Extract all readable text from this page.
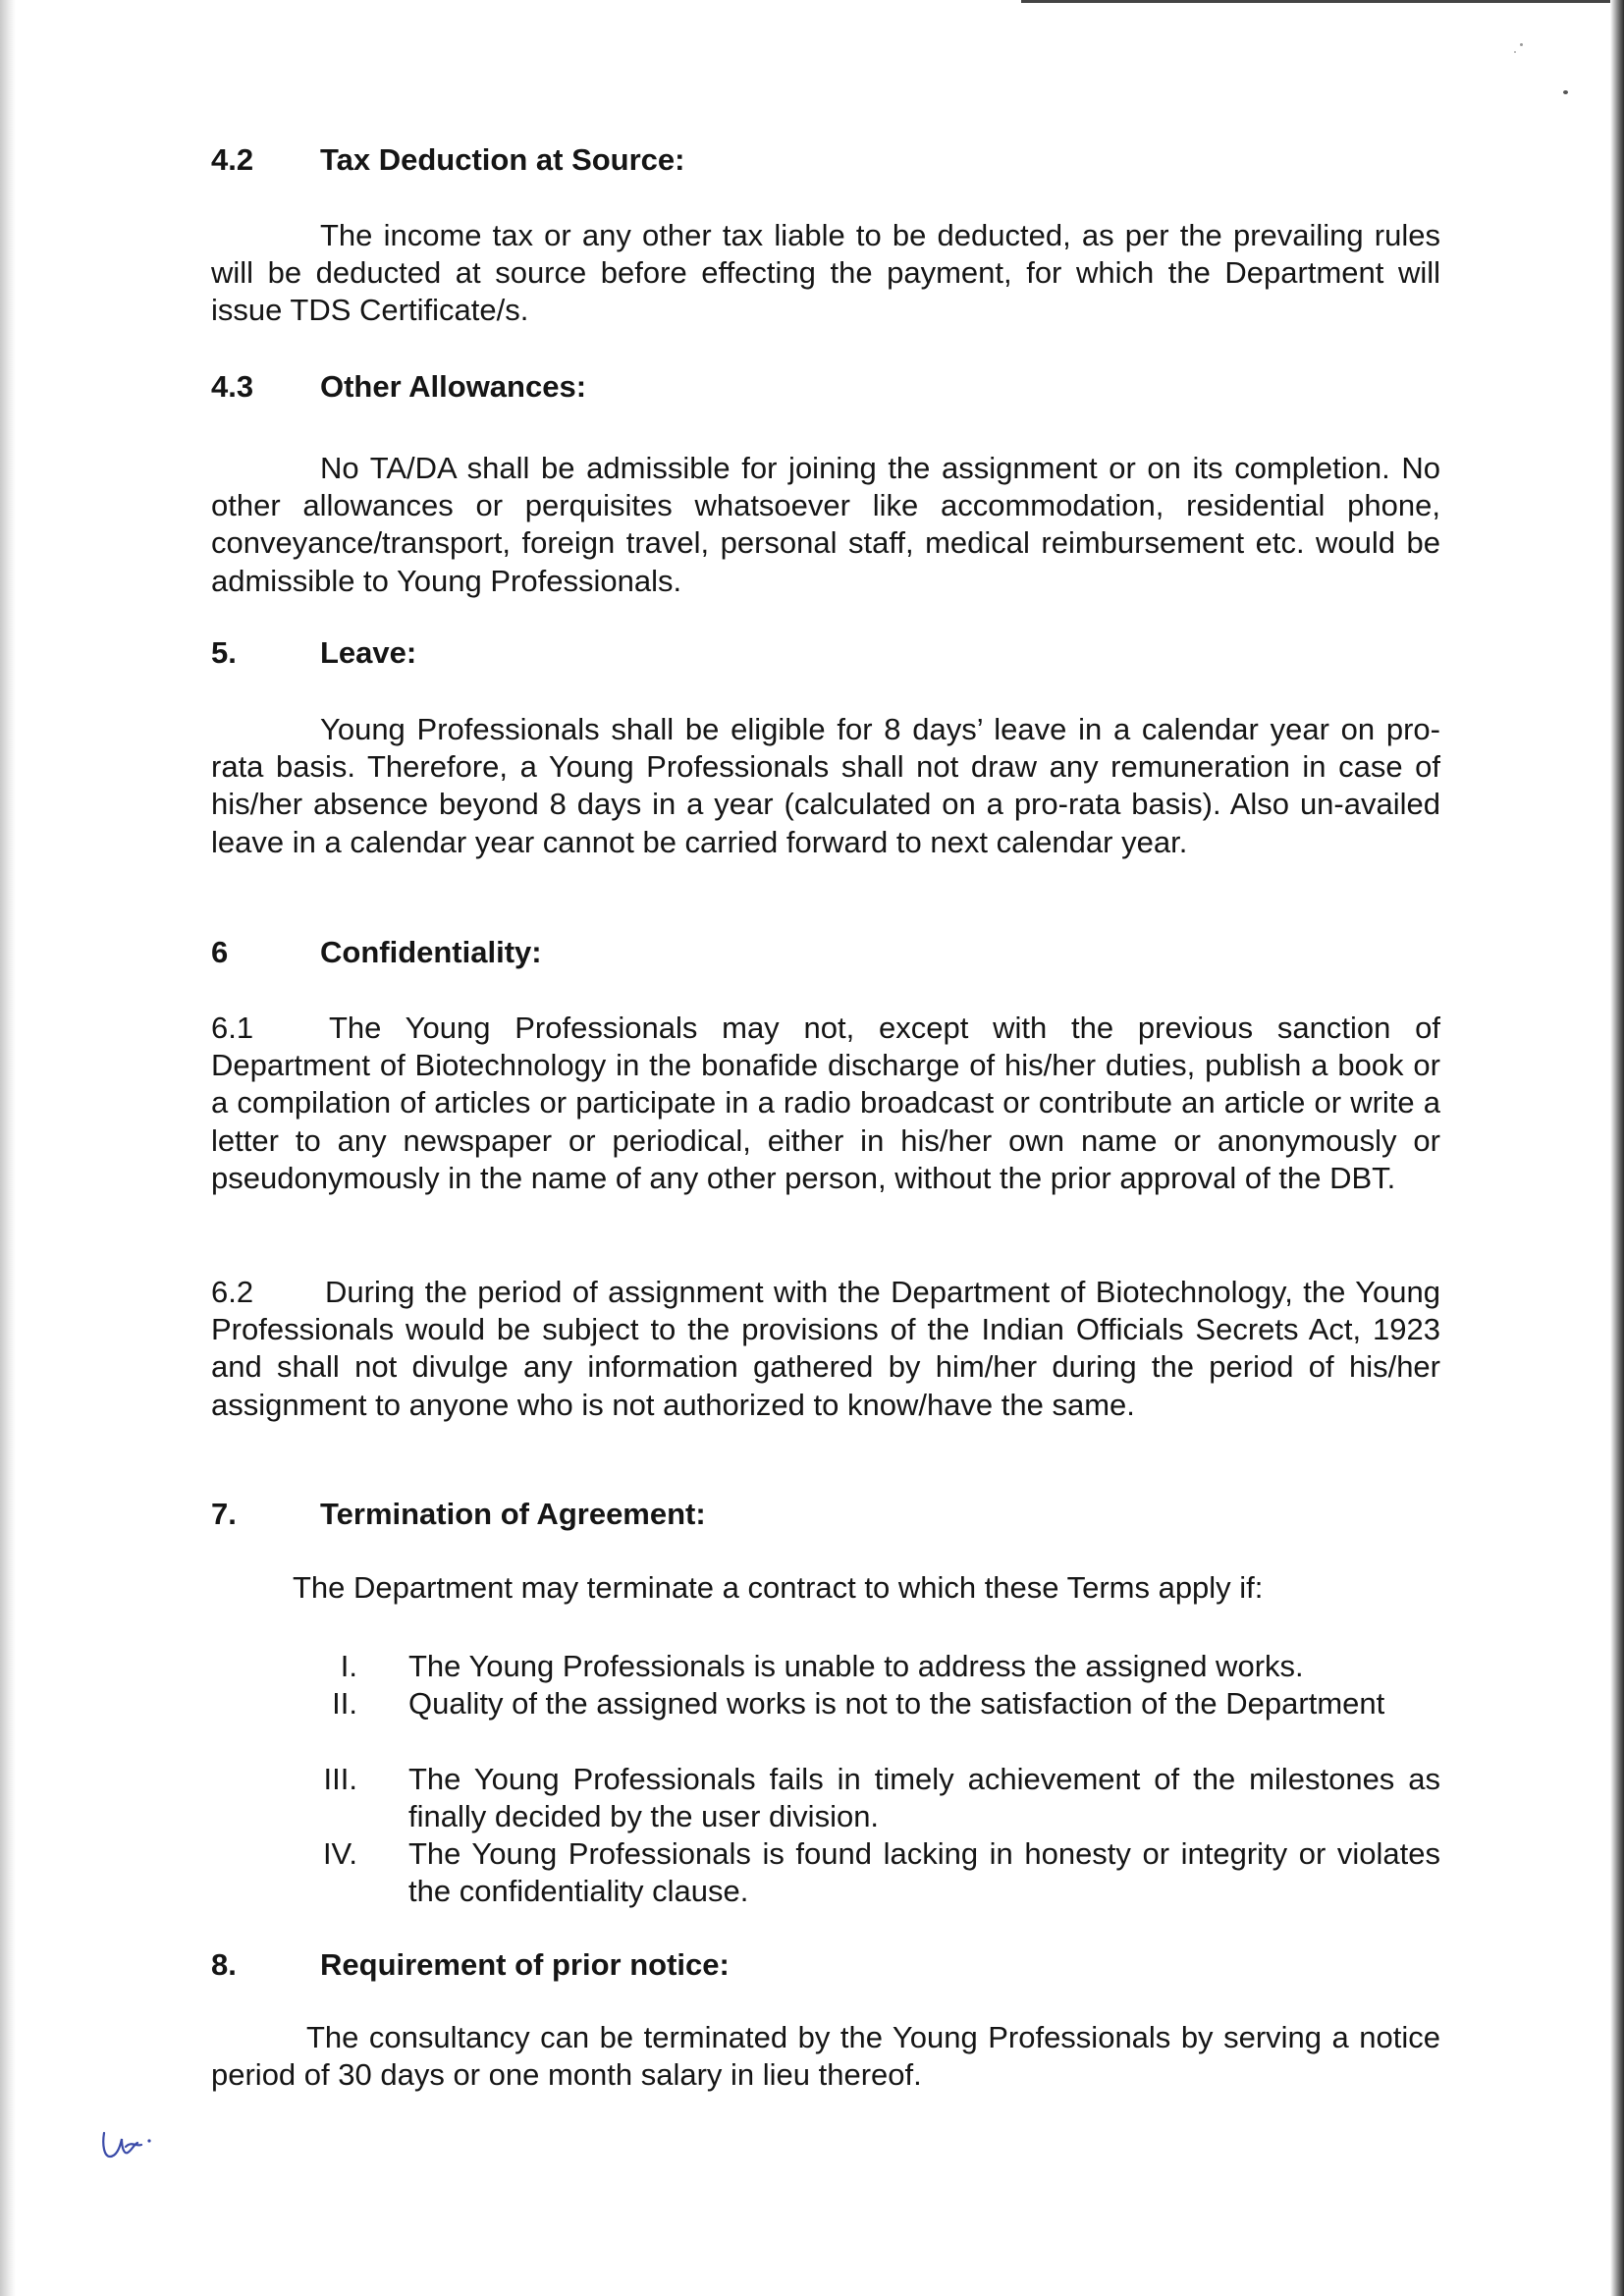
4.2 Tax Deduction at Source:
The income tax or any other tax liable to be deducted, as per the prevailing rules will be deducted at source before effecting the payment, for which the Department will issue TDS Certificate/s.
4.3 Other Allowances:
No TA/DA shall be admissible for joining the assignment or on its completion. No other allowances or perquisites whatsoever like accommodation, residential phone, conveyance/transport, foreign travel, personal staff, medical reimbursement etc. would be admissible to Young Professionals.
5.	Leave:
Young Professionals shall be eligible for 8 days’ leave in a calendar year on pro-rata basis. Therefore, a Young Professionals shall not draw any remuneration in case of his/her absence beyond 8 days in a year (calculated on a pro-rata basis). Also un-availed leave in a calendar year cannot be carried forward to next calendar year.
6	Confidentiality:
6.1 The Young Professionals may not, except with the previous sanction of Department of Biotechnology in the bonafide discharge of his/her duties, publish a book or a compilation of articles or participate in a radio broadcast or contribute an article or write a letter to any newspaper or periodical, either in his/her own name or anonymously or pseudonymously in the name of any other person, without the prior approval of the DBT.
6.2 During the period of assignment with the Department of Biotechnology, the Young Professionals would be subject to the provisions of the Indian Officials Secrets Act, 1923 and shall not divulge any information gathered by him/her during the period of his/her assignment to anyone who is not authorized to know/have the same.
7.	Termination of Agreement:
The Department may terminate a contract to which these Terms apply if:
I. The Young Professionals is unable to address the assigned works.
II. Quality of the assigned works is not to the satisfaction of the Department
III. The Young Professionals fails in timely achievement of the milestones as finally decided by the user division.
IV. The Young Professionals is found lacking in honesty or integrity or violates the confidentiality clause.
8.	Requirement of prior notice:
The consultancy can be terminated by the Young Professionals by serving a notice period of 30 days or one month salary in lieu thereof.
